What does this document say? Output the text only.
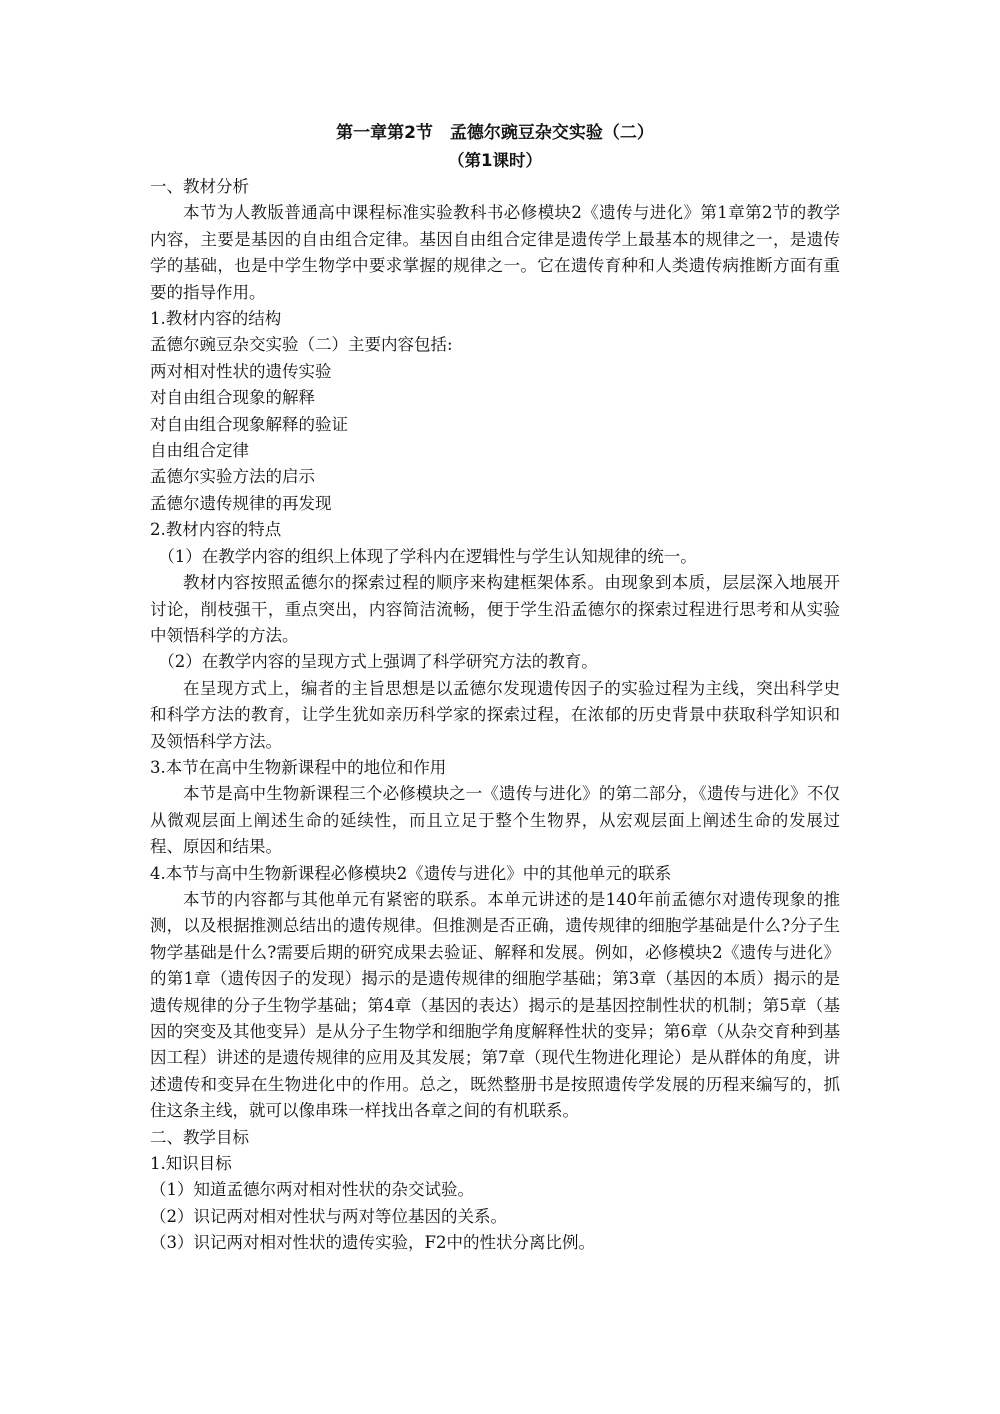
第一章第2节　孟德尔豌豆杂交实验（二）

（第1课时）

一、教材分析

本节为人教版普通高中课程标准实验教科书必修模块2《遗传与进化》第1章第2节的教学内容，主要是基因的自由组合定律。基因自由组合定律是遗传学上最基本的规律之一，是遗传学的基础，也是中学生物学中要求掌握的规律之一。它在遗传育种和人类遗传病推断方面有重要的指导作用。

1.教材内容的结构

孟德尔豌豆杂交实验（二）主要内容包括:

两对相对性状的遗传实验

对自由组合现象的解释

对自由组合现象解释的验证

自由组合定律

孟德尔实验方法的启示

孟德尔遗传规律的再发现

2.教材内容的特点

（1）在教学内容的组织上体现了学科内在逻辑性与学生认知规律的统一。

教材内容按照孟德尔的探索过程的顺序来构建框架体系。由现象到本质，层层深入地展开讨论，削枝强干，重点突出，内容简洁流畅，便于学生沿孟德尔的探索过程进行思考和从实验中领悟科学的方法。

（2）在教学内容的呈现方式上强调了科学研究方法的教育。

在呈现方式上，编者的主旨思想是以孟德尔发现遗传因子的实验过程为主线，突出科学史和科学方法的教育，让学生犹如亲历科学家的探索过程，在浓郁的历史背景中获取科学知识和及领悟科学方法。

3.本节在高中生物新课程中的地位和作用

本节是高中生物新课程三个必修模块之一《遗传与进化》的第二部分，《遗传与进化》不仅从微观层面上阐述生命的延续性，而且立足于整个生物界，从宏观层面上阐述生命的发展过程、原因和结果。

4.本节与高中生物新课程必修模块2《遗传与进化》中的其他单元的联系

本节的内容都与其他单元有紧密的联系。本单元讲述的是140年前孟德尔对遗传现象的推测，以及根据推测总结出的遗传规律。但推测是否正确，遗传规律的细胞学基础是什么?分子生物学基础是什么?需要后期的研究成果去验证、解释和发展。例如，必修模块2《遗传与进化》的第1章（遗传因子的发现）揭示的是遗传规律的细胞学基础；第3章（基因的本质）揭示的是遗传规律的分子生物学基础；第4章（基因的表达）揭示的是基因控制性状的机制；第5章（基因的突变及其他变异）是从分子生物学和细胞学角度解释性状的变异；第6章（从杂交育种到基因工程）讲述的是遗传规律的应用及其发展；第7章（现代生物进化理论）是从群体的角度，讲述遗传和变异在生物进化中的作用。总之，既然整册书是按照遗传学发展的历程来编写的，抓住这条主线，就可以像串珠一样找出各章之间的有机联系。

二、教学目标

1.知识目标

（1）知道孟德尔两对相对性状的杂交试验。

（2）识记两对相对性状与两对等位基因的关系。

（3）识记两对相对性状的遗传实验，F2中的性状分离比例。
